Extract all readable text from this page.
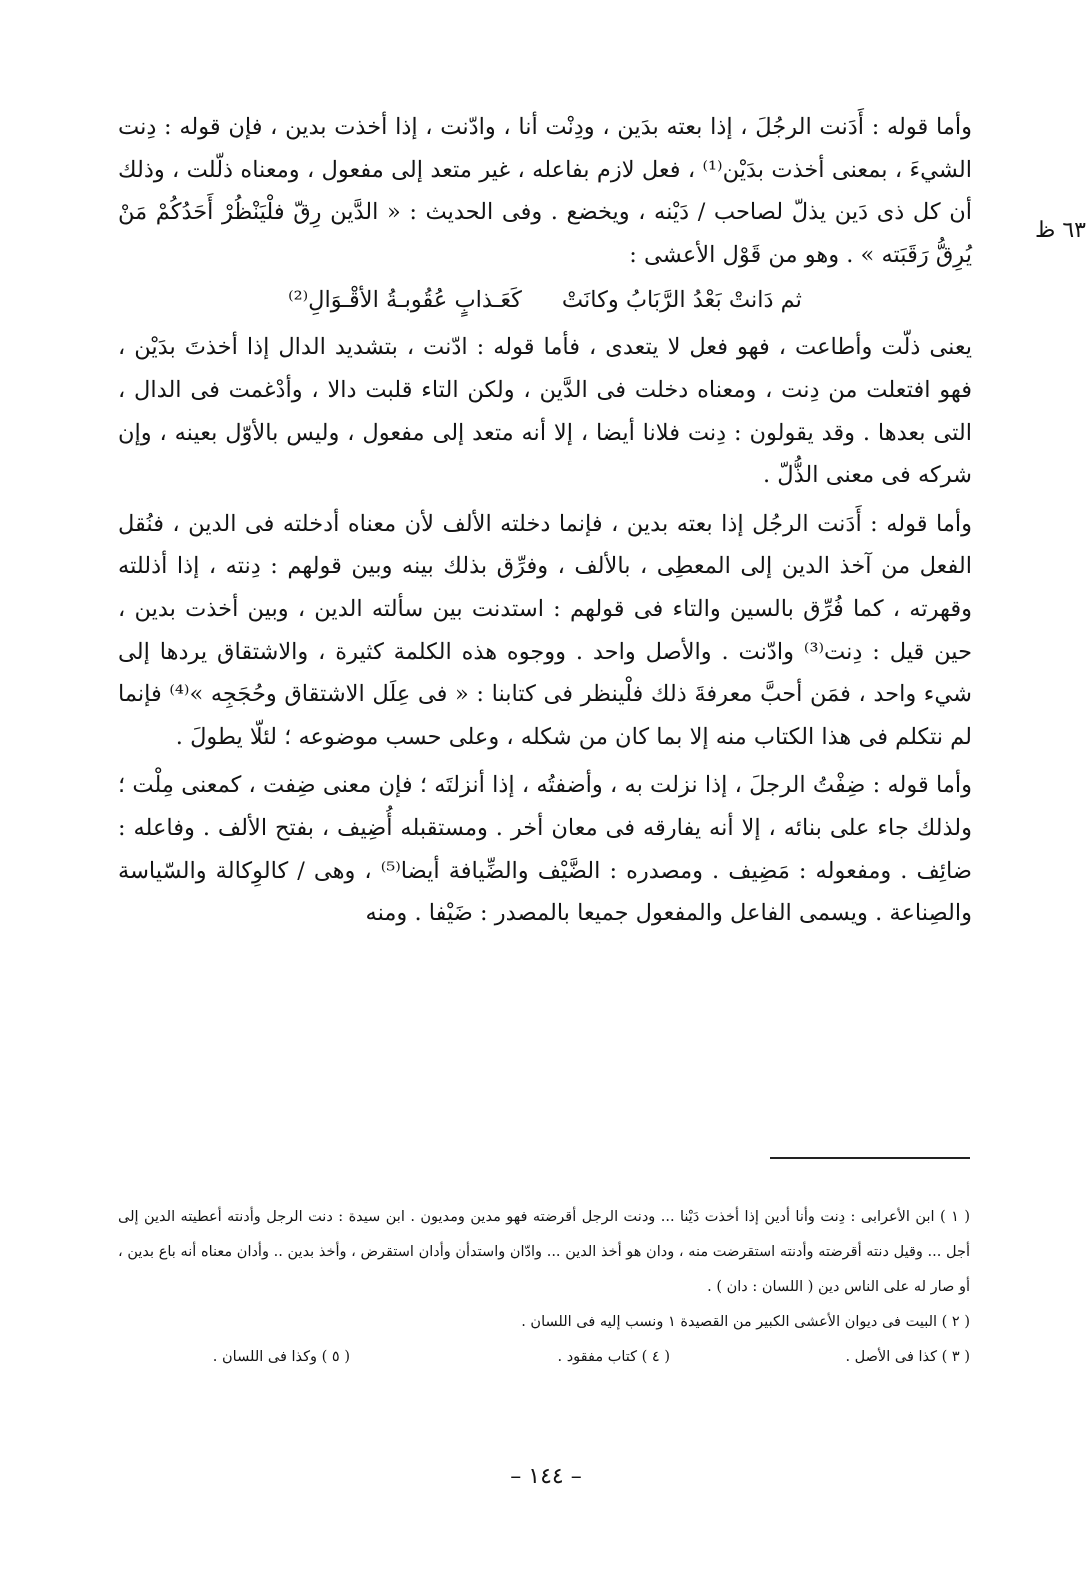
٦٣ ظ

وأما قوله : أَدَنت الرجُلَ ، إذا بعته بدَين ، ودِنْت أنا ، وادّنت ، إذا أخذت بدين ، فإن قوله : دِنت الشيءَ ، بمعنى أخذت بدَيْن⁽¹⁾ ، فعل لازم بفاعله ، غير متعد إلى مفعول ، ومعناه ذلّلت ، وذلك أن كل ذى دَين يذلّ لصاحب / دَيْنه ، ويخضع . وفى الحديث : « الدَّين رِقّ فلْيَنْظُرْ أَحَدُكُمْ مَنْ يُرِقُّ رَقَبَته » . وهو من قَوْل الأعشى :

ثم دَانتْ بَعْدُ الرَّبَابُ وكانَتْ
كَعَـذابٍ عُقُوبـةُ الأقْـوَالِ⁽²⁾

يعنى ذلّت وأطاعت ، فهو فعل لا يتعدى ، فأما قوله : ادّنت ، بتشديد الدال إذا أخذتَ بدَيْن ، فهو افتعلت من دِنت ، ومعناه دخلت فى الدَّين ، ولكن التاء قلبت دالا ، وأدْغمت فى الدال ، التى بعدها . وقد يقولون : دِنت فلانا أيضا ، إلا أنه متعد إلى مفعول ، وليس بالأوّل بعينه ، وإن شركه فى معنى الذُّلّ .

وأما قوله : أَدَنت الرجُل إذا بعته بدين ، فإنما دخلته الألف لأن معناه أدخلته فى الدين ، فنُقل الفعل من آخذ الدين إلى المعطِى ، بالألف ، وفرِّق بذلك بينه وبين قولهم : دِنته ، إذا أذللته وقهرته ، كما فُرِّق بالسين والتاء فى قولهم : استدنت بين سألته الدين ، وبين أخذت بدين ، حين قيل : دِنت⁽³⁾ وادّنت . والأصل واحد . ووجوه هذه الكلمة كثيرة ، والاشتقاق يردها إلى شيء واحد ، فمَن أحبَّ معرفةَ ذلك فلْينظر فى كتابنا : « فى عِلَل الاشتقاق وحُجَجِه »⁽⁴⁾ فإنما لم نتكلم فى هذا الكتاب منه إلا بما كان من شكله ، وعلى حسب موضوعه ؛ لئلّا يطولَ .

وأما قوله : ضِفْتُ الرجلَ ، إذا نزلت به ، وأضفتُه ، إذا أنزلتَه ؛ فإن معنى ضِفت ، كمعنى مِلْت ؛ ولذلك جاء على بنائه ، إلا أنه يفارقه فى معان أخر . ومستقبله أُضِيف ، بفتح الألف . وفاعله : ضائِف . ومفعوله : مَضِيف . ومصدره : الضَّيْف والضِّيافة أيضا⁽⁵⁾ ، وهى / كالوِكالة والسّياسة والصِناعة . ويسمى الفاعل والمفعول جميعا بالمصدر : ضَيْفا . ومنه

( ١ ) ابن الأعرابى : دِنت وأنا أدين إذا أخذت دَيْنا ... ودنت الرجل أقرضته فهو مدين ومديون . ابن سيدة : دنت الرجل وأدنته أعطيته الدين إلى أجل ... وقيل دنته أقرضته وأدنته استقرضت منه ، ودان هو أخذ الدين ... وادّان واستدأن وأدان استقرض ، وأخذ بدين .. وأدان معناه أنه باع بدين ، أو صار له على الناس دين ( اللسان : دان ) .

( ٢ ) البيت فى ديوان الأعشى الكبير من القصيدة ١ ونسب إليه فى اللسان .

( ٣ ) كذا فى الأصل .
( ٤ ) كتاب مفقود .
( ٥ ) وكذا فى اللسان .

– ١٤٤ –
